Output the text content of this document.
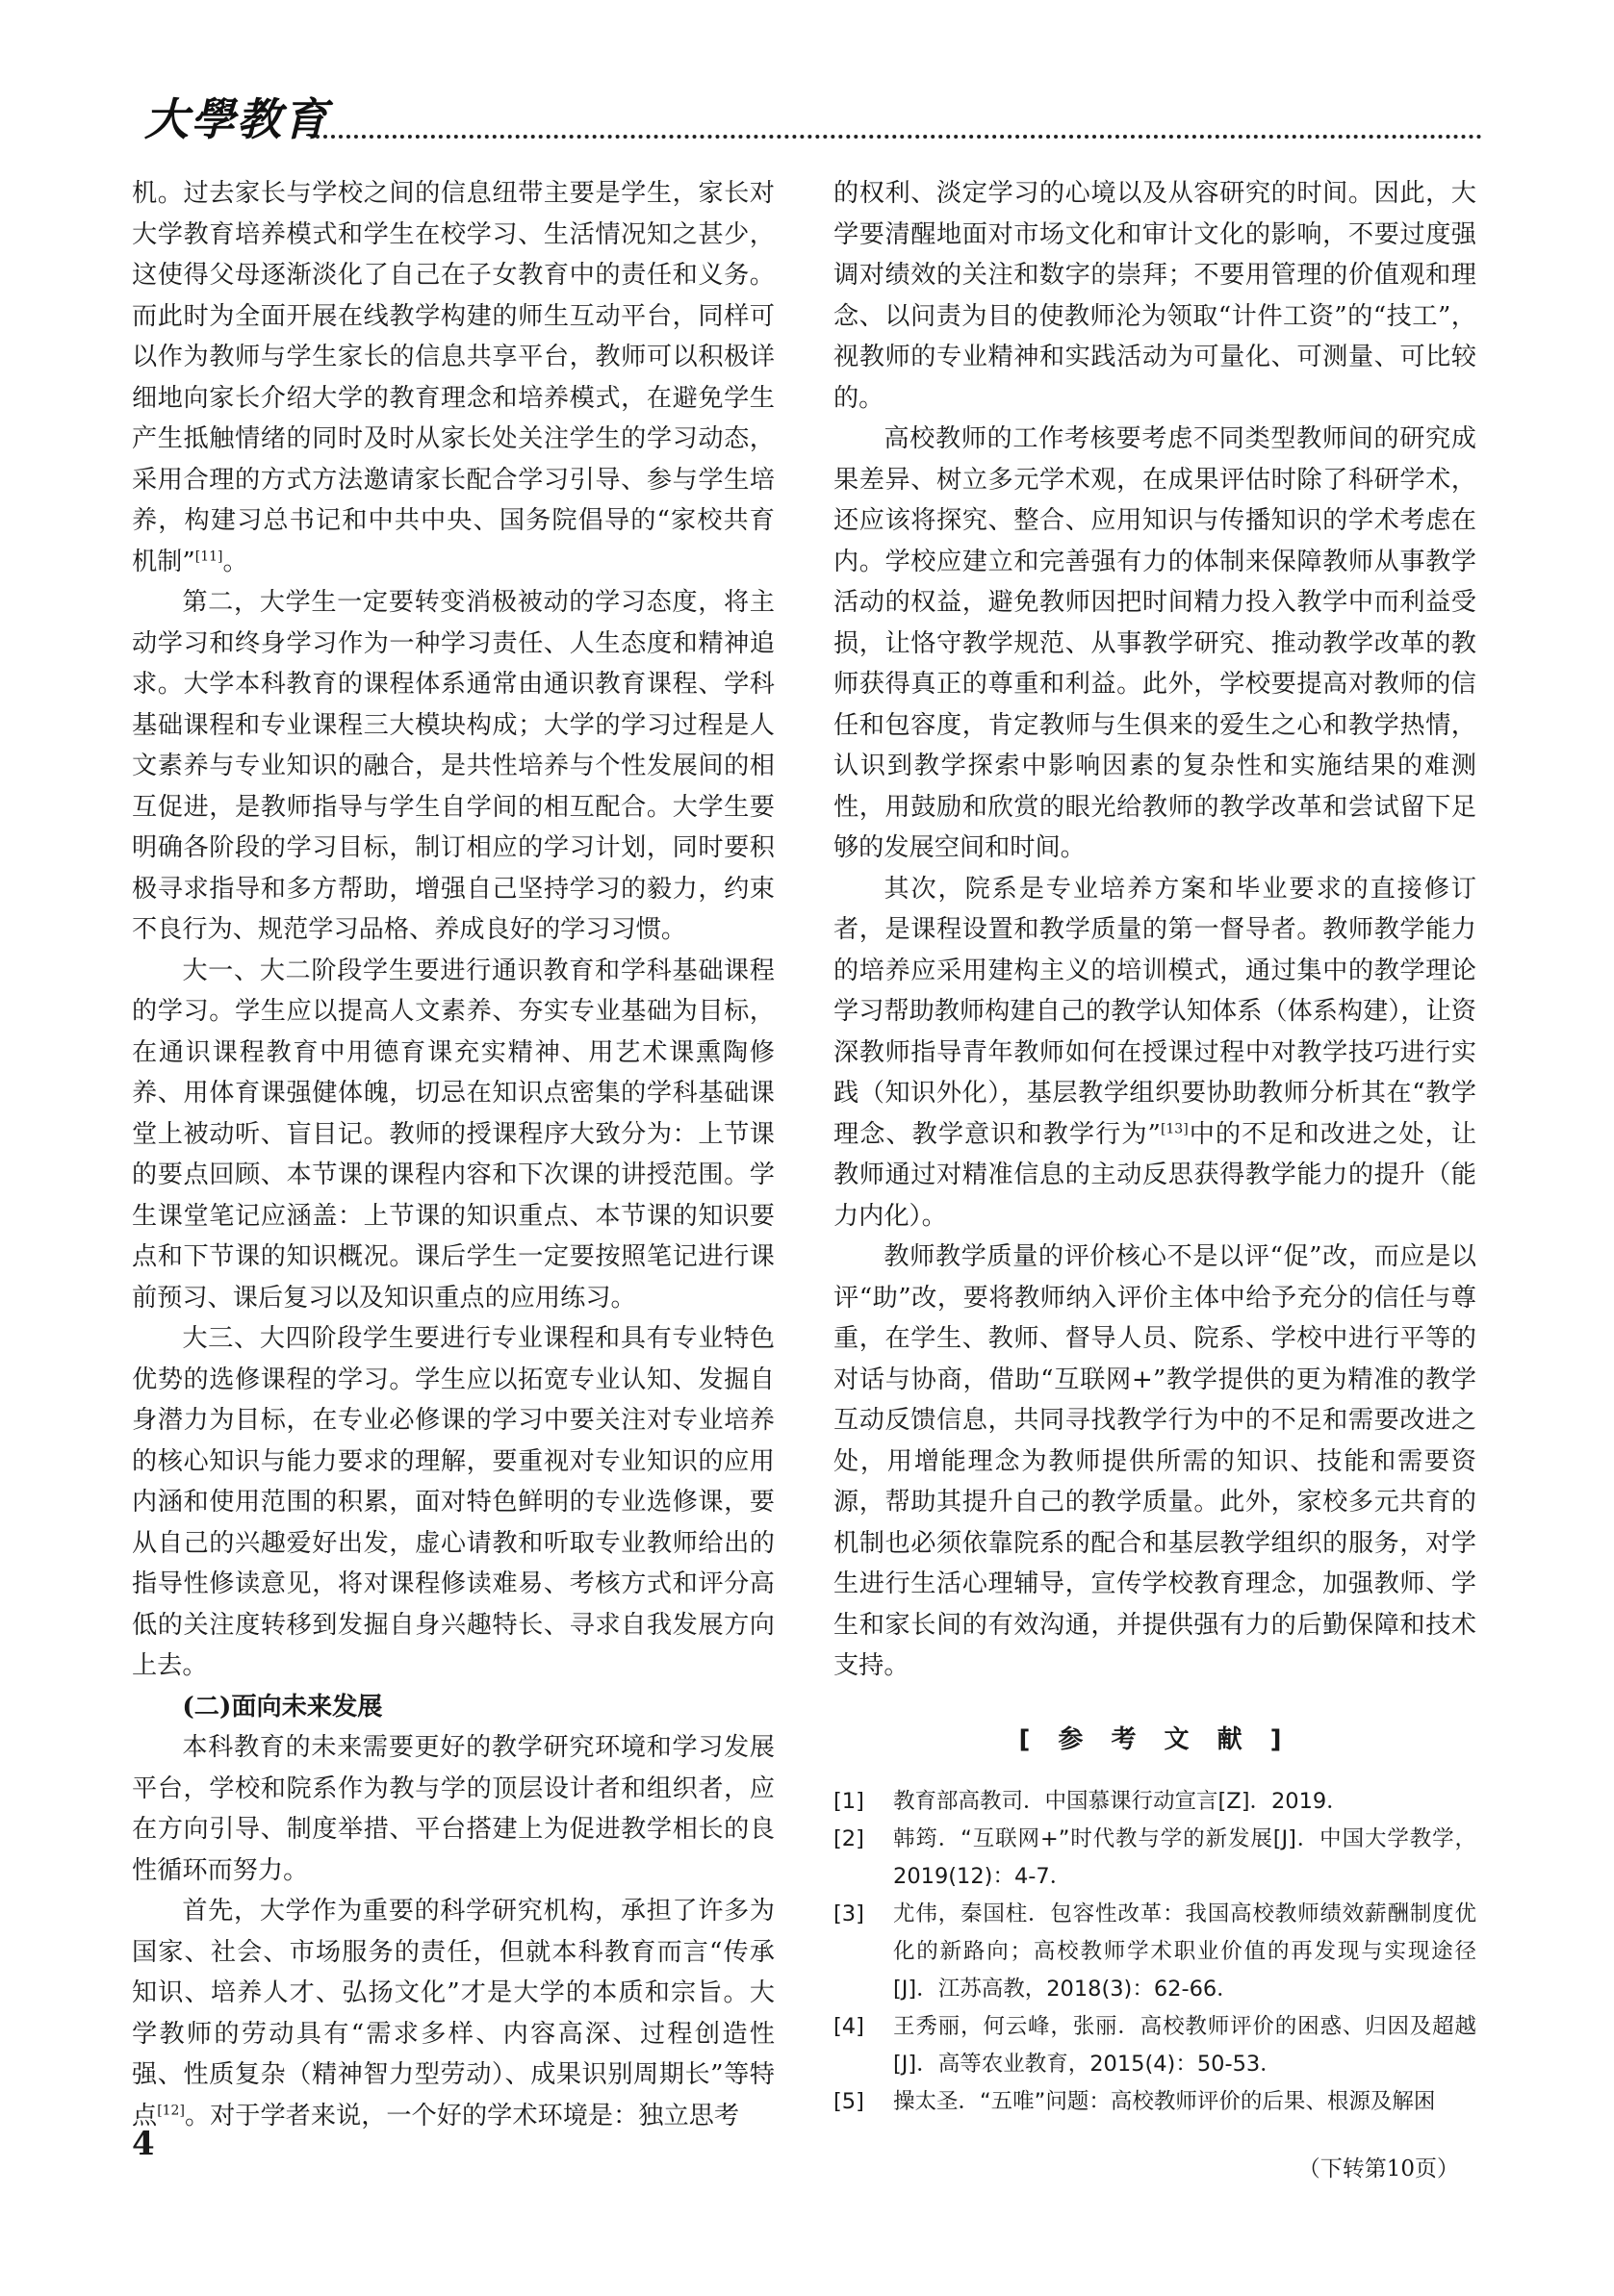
大學教育

机。过去家长与学校之间的信息纽带主要是学生，家长对大学教育培养模式和学生在校学习、生活情况知之甚少，这使得父母逐渐淡化了自己在子女教育中的责任和义务。而此时为全面开展在线教学构建的师生互动平台，同样可以作为教师与学生家长的信息共享平台，教师可以积极详细地向家长介绍大学的教育理念和培养模式，在避免学生产生抵触情绪的同时及时从家长处关注学生的学习动态，采用合理的方式方法邀请家长配合学习引导、参与学生培养，构建习总书记和中共中央、国务院倡导的“家校共育机制”[11]。

第二，大学生一定要转变消极被动的学习态度，将主动学习和终身学习作为一种学习责任、人生态度和精神追求。大学本科教育的课程体系通常由通识教育课程、学科基础课程和专业课程三大模块构成；大学的学习过程是人文素养与专业知识的融合，是共性培养与个性发展间的相互促进，是教师指导与学生自学间的相互配合。大学生要明确各阶段的学习目标，制订相应的学习计划，同时要积极寻求指导和多方帮助，增强自己坚持学习的毅力，约束不良行为、规范学习品格、养成良好的学习习惯。

大一、大二阶段学生要进行通识教育和学科基础课程的学习。学生应以提高人文素养、夯实专业基础为目标，在通识课程教育中用德育课充实精神、用艺术课熏陶修养、用体育课强健体魄，切忌在知识点密集的学科基础课堂上被动听、盲目记。教师的授课程序大致分为：上节课的要点回顾、本节课的课程内容和下次课的讲授范围。学生课堂笔记应涵盖：上节课的知识重点、本节课的知识要点和下节课的知识概况。课后学生一定要按照笔记进行课前预习、课后复习以及知识重点的应用练习。

大三、大四阶段学生要进行专业课程和具有专业特色优势的选修课程的学习。学生应以拓宽专业认知、发掘自身潜力为目标，在专业必修课的学习中要关注对专业培养的核心知识与能力要求的理解，要重视对专业知识的应用内涵和使用范围的积累，面对特色鲜明的专业选修课，要从自己的兴趣爱好出发，虚心请教和听取专业教师给出的指导性修读意见，将对课程修读难易、考核方式和评分高低的关注度转移到发掘自身兴趣特长、寻求自我发展方向上去。

(二)面向未来发展

本科教育的未来需要更好的教学研究环境和学习发展平台，学校和院系作为教与学的顶层设计者和组织者，应在方向引导、制度举措、平台搭建上为促进教学相长的良性循环而努力。

首先，大学作为重要的科学研究机构，承担了许多为国家、社会、市场服务的责任，但就本科教育而言“传承知识、培养人才、弘扬文化”才是大学的本质和宗旨。大学教师的劳动具有“需求多样、内容高深、过程创造性强、性质复杂（精神智力型劳动）、成果识别周期长”等特点[12]。对于学者来说，一个好的学术环境是：独立思考

的权利、淡定学习的心境以及从容研究的时间。因此，大学要清醒地面对市场文化和审计文化的影响，不要过度强调对绩效的关注和数字的崇拜；不要用管理的价值观和理念、以问责为目的使教师沦为领取“计件工资”的“技工”，视教师的专业精神和实践活动为可量化、可测量、可比较的。

高校教师的工作考核要考虑不同类型教师间的研究成果差异、树立多元学术观，在成果评估时除了科研学术，还应该将探究、整合、应用知识与传播知识的学术考虑在内。学校应建立和完善强有力的体制来保障教师从事教学活动的权益，避免教师因把时间精力投入教学中而利益受损，让恪守教学规范、从事教学研究、推动教学改革的教师获得真正的尊重和利益。此外，学校要提高对教师的信任和包容度，肯定教师与生俱来的爱生之心和教学热情，认识到教学探索中影响因素的复杂性和实施结果的难测性，用鼓励和欣赏的眼光给教师的教学改革和尝试留下足够的发展空间和时间。

其次，院系是专业培养方案和毕业要求的直接修订者，是课程设置和教学质量的第一督导者。教师教学能力的培养应采用建构主义的培训模式，通过集中的教学理论学习帮助教师构建自己的教学认知体系（体系构建），让资深教师指导青年教师如何在授课过程中对教学技巧进行实践（知识外化），基层教学组织要协助教师分析其在“教学理念、教学意识和教学行为”[13]中的不足和改进之处，让教师通过对精准信息的主动反思获得教学能力的提升（能力内化）。

教师教学质量的评价核心不是以评“促”改，而应是以评“助”改，要将教师纳入评价主体中给予充分的信任与尊重，在学生、教师、督导人员、院系、学校中进行平等的对话与协商，借助“互联网+”教学提供的更为精准的教学互动反馈信息，共同寻找教学行为中的不足和需要改进之处，用增能理念为教师提供所需的知识、技能和需要资源，帮助其提升自己的教学质量。此外，家校多元共育的机制也必须依靠院系的配合和基层教学组织的服务，对学生进行生活心理辅导，宣传学校教育理念，加强教师、学生和家长间的有效沟通，并提供强有力的后勤保障和技术支持。

[ 参 考 文 献 ]
[1]	教育部高教司．中国慕课行动宣言[Z]．2019．
[2]	韩筠．“互联网+”时代教与学的新发展[J]．中国大学教学，2019(12)：4-7．
[3]	尤伟，秦国柱．包容性改革：我国高校教师绩效薪酬制度优化的新路向；高校教师学术职业价值的再发现与实现途径[J]．江苏高教，2018(3)：62-66．
[4]	王秀丽，何云峰，张丽．高校教师评价的困惑、归因及超越[J]．高等农业教育，2015(4)：50-53．
[5]	操太圣．“五唯”问题：高校教师评价的后果、根源及解困
（下转第10页）
4
